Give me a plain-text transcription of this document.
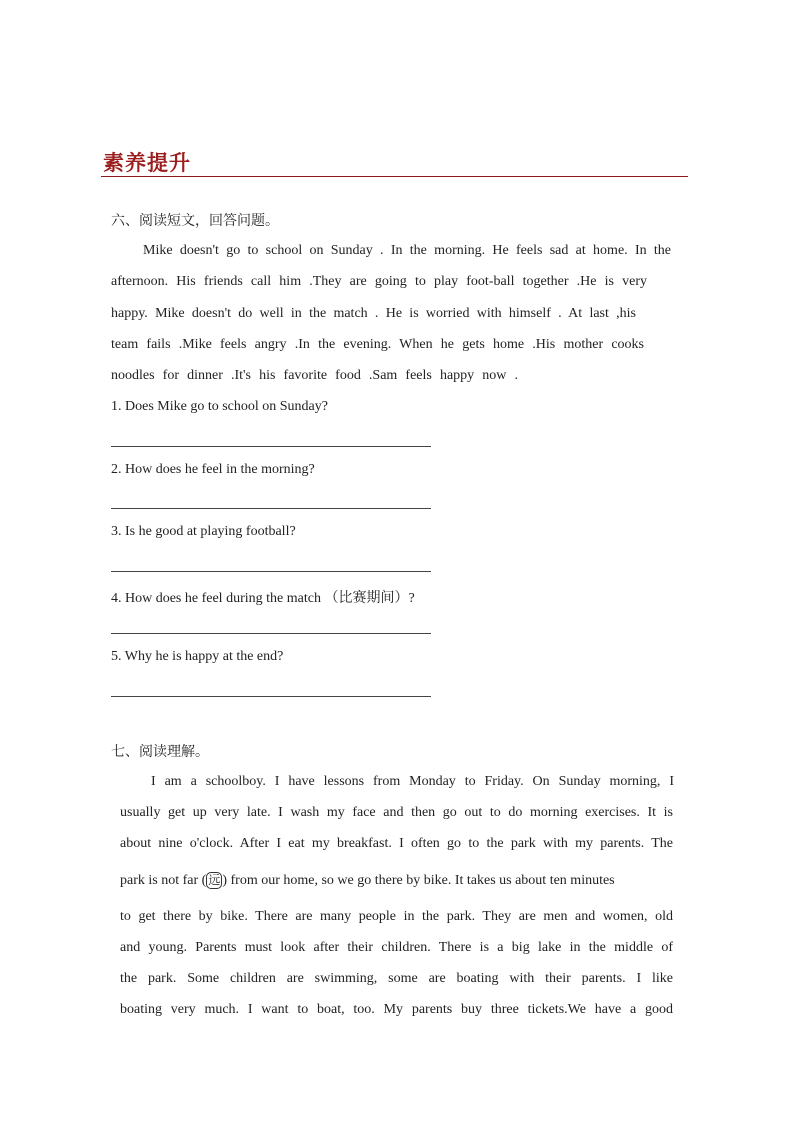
素养提升
六、阅读短文，回答问题。
Mike doesn't go to school on Sunday . In the morning. He feels sad at home. In the
afternoon. His friends call him .They are going to play foot-ball together .He is very
happy. Mike doesn't do well in the match . He is worried with himself . At last ,his
team fails .Mike feels angry .In the evening. When he gets home .His mother cooks
noodles for dinner .It's his favorite food .Sam feels happy now .
1. Does Mike go to school on Sunday?
2. How does he feel in the morning?
3. Is he good at playing football?
4. How does he feel during the match （比赛期间）?
5. Why he is happy at the end?
七、阅读理解。
I am a schoolboy. I have lessons from Monday to Friday. On Sunday morning, I
usually get up very late. I wash my face and then go out to do morning exercises. It is
about nine o'clock. After I eat my breakfast. I often go to the park with my parents. The
park is not far ( 远 ) from our home, so we go there by bike. It takes us about ten minutes
to get there by bike. There are many people in the park. They are men and women, old
and young. Parents must look after their children. There is a big lake in the middle of
the park. Some children are swimming, some are boating with their parents. I like
boating very much. I want to boat, too. My parents buy three tickets.We have a good
